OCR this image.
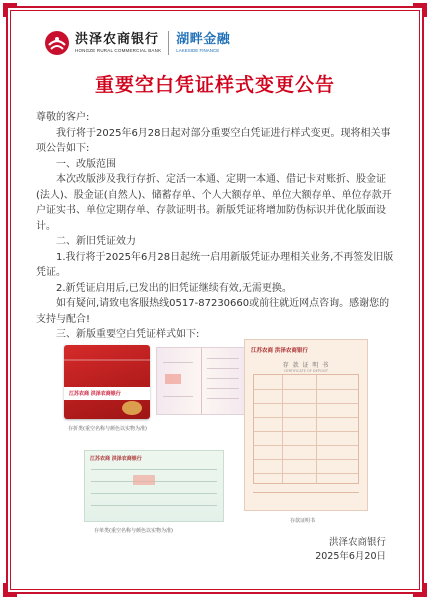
洪泽农商银行
HONGZE RURAL COMMERCIAL BANK
湖畔金融
LAKESIDE FINANCE
重要空白凭证样式变更公告

尊敬的客户:

我行将于2025年6月28日起对部分重要空白凭证进行样式变更。现将相关事项公告如下:

一、改版范围

本次改版涉及我行存折、定活一本通、定期一本通、借记卡对账折、股金证(法人)、股金证(自然人)、储蓄存单、个人大额存单、单位大额存单、单位存款开户证实书、单位定期存单、存款证明书。新版凭证将增加防伪标识并优化版面设计。

二、新旧凭证效力

1.我行将于2025年6月28日起统一启用新版凭证办理相关业务,不再签发旧版凭证。

2.新凭证启用后,已发出的旧凭证继续有效,无需更换。

如有疑问,请致电客服热线0517-87230660或前往就近网点咨询。感谢您的支持与配合!

三、新版重要空白凭证样式如下:

江苏农商 洪泽农商银行
江苏农商 洪泽农商银行
存 款 证 明 书
CERTIFICATE OF DEPOSIT
江苏农商 洪泽农商银行
存折类(重空名称与颜色以实物为准)
存款证明书
存单类(重空名称与颜色以实物为准)
洪泽农商银行
2025年6月20日
